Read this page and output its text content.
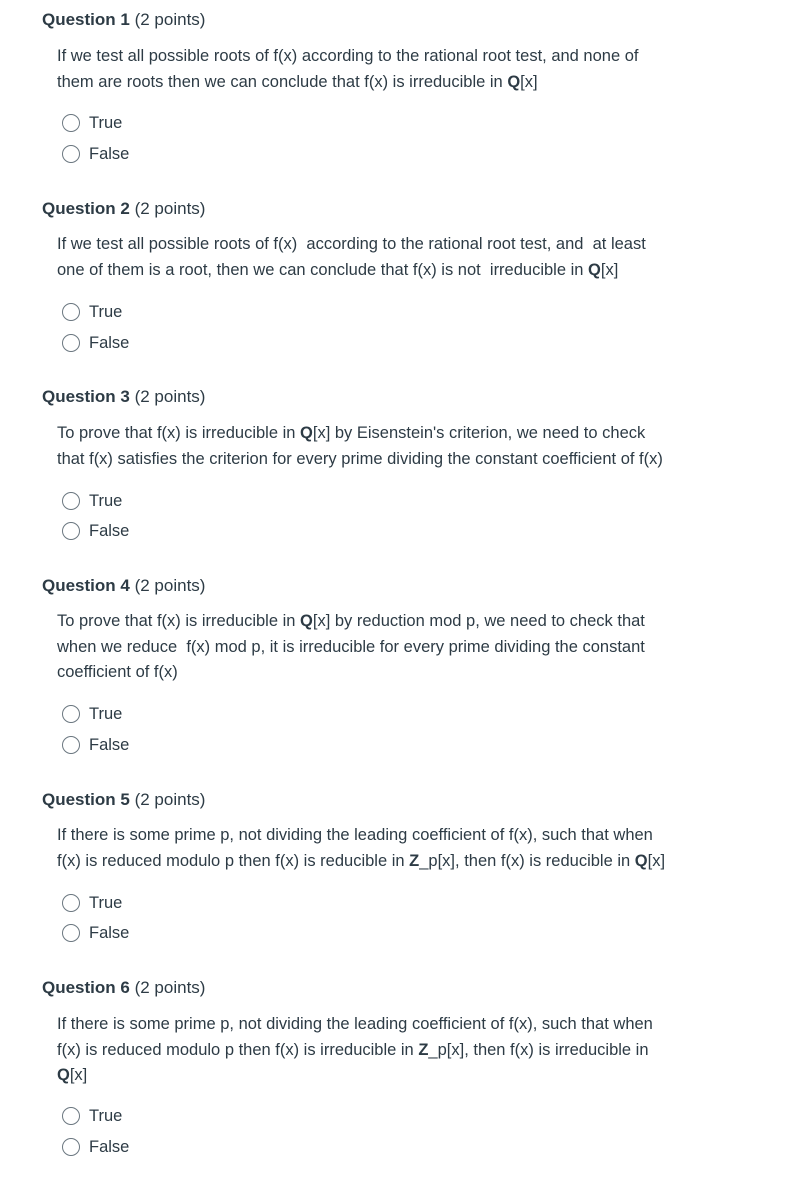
Question 1 (2 points)
If we test all possible roots of f(x) according to the rational root test, and none of
them are roots then we can conclude that f(x) is irreducible in Q[x]
True
False
Question 2 (2 points)
If we test all possible roots of f(x)  according to the rational root test, and  at least
one of them is a root, then we can conclude that f(x) is not  irreducible in Q[x]
True
False
Question 3 (2 points)
To prove that f(x) is irreducible in Q[x] by Eisenstein's criterion, we need to check
that f(x) satisfies the criterion for every prime dividing the constant coefficient of f(x)
True
False
Question 4 (2 points)
To prove that f(x) is irreducible in Q[x] by reduction mod p, we need to check that
when we reduce  f(x) mod p, it is irreducible for every prime dividing the constant
coefficient of f(x)
True
False
Question 5 (2 points)
If there is some prime p, not dividing the leading coefficient of f(x), such that when
f(x) is reduced modulo p then f(x) is reducible in Z_p[x], then f(x) is reducible in Q[x]
True
False
Question 6 (2 points)
If there is some prime p, not dividing the leading coefficient of f(x), such that when
f(x) is reduced modulo p then f(x) is irreducible in Z_p[x], then f(x) is irreducible in
Q[x]
True
False
